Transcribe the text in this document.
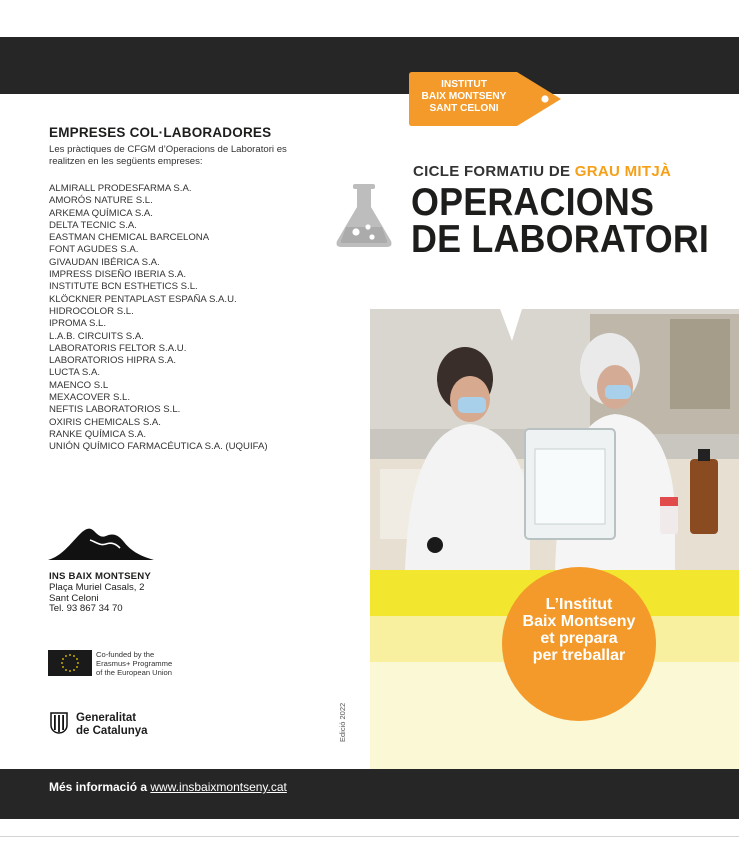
EMPRESES COL·LABORADORES
Les pràctiques de CFGM d’Operacions de Laboratori es realitzen en les següents empreses:
ALMIRALL PRODESFARMA S.A.
AMORÓS NATURE S.L.
ARKEMA QUÍMICA S.A.
DELTA TECNIC S.A.
EASTMAN CHEMICAL BARCELONA
FONT AGUDES S.A.
GIVAUDAN IBÉRICA S.A.
IMPRESS DISEÑO IBERIA S.A.
INSTITUTE BCN ESTHETICS S.L.
KLÖCKNER PENTAPLAST ESPAÑA S.A.U.
HIDROCOLOR S.L.
IPROMA S.L.
L.A.B. CIRCUITS S.A.
LABORATORIS FELTOR S.A.U.
LABORATORIOS HIPRA S.A.
LUCTA S.A.
MAENCO S.L
MEXACOVER S.L.
NEFTIS LABORATORIOS S.L.
OXIRIS CHEMICALS S.A.
RANKE QUÍMICA S.A.
UNIÓN QUÍMICO FARMACÉUTICA S.A. (UQUIFA)
INS BAIX MONTSENY
Plaça Muriel Casals, 2
Sant Celoni
Tel. 93 867 34 70
Co-funded by the
Erasmus+ Programme
of the European Union
Generalitat
de Catalunya	Edició 2022
INSTITUT
BAIX MONTSENY
SANT CELONI
CICLE FORMATIU DE GRAU MITJÀ
OPERACIONS
DE LABORATORI
L’Institut
Baix Montseny
et prepara
per treballar
Més informació a www.insbaixmontseny.cat
